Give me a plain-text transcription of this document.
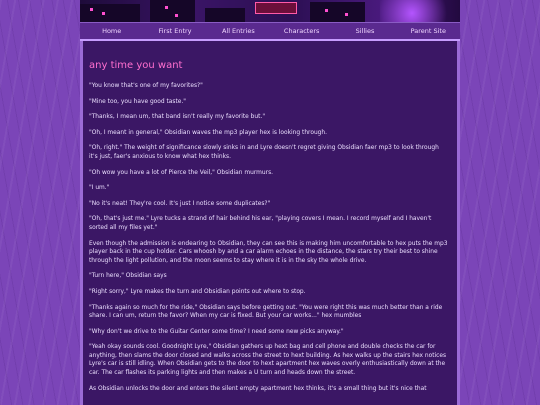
Home	First Entry	All Entries	Characters	Sillies	Parent Site
any time you want

"You know that's one of my favorites?"

"Mine too, you have good taste."

"Thanks, I mean um, that band isn't really my favorite but."

"Oh, I meant in general," Obsidian waves the mp3 player hex is looking through.

"Oh, right." The weight of significance slowly sinks in and Lyre doesn't regret giving Obsidian faer mp3 to look through it's just, faer's anxious to know what hex thinks.

"Oh wow you have a lot of Pierce the Veil," Obsidian murmurs.

"I um."

"No it's neat! They're cool. It's just I notice some duplicates?"

"Oh, that's just me." Lyre tucks a strand of hair behind his ear, "playing covers I mean. I record myself and I haven't sorted all my files yet."

Even though the admission is endearing to Obsidian, they can see this is making him uncomfortable to hex puts the mp3 player back in the cup holder. Cars whoosh by and a car alarm echoes in the distance, the stars try their best to shine through the light pollution, and the moon seems to stay where it is in the sky the whole drive.

"Turn here," Obsidian says

"Right sorry," Lyre makes the turn and Obsidian points out where to stop.

"Thanks again so much for the ride," Obsidian says before getting out. "You were right this was much better than a ride share. I can um, return the favor? When my car is fixed. But your car works..." hex mumbles

"Why don't we drive to the Guitar Center some time? I need some new picks anyway."

"Yeah okay sounds cool. Goodnight Lyre," Obsidian gathers up hext bag and cell phone and double checks the car for anything, then slams the door closed and walks across the street to hext building. As hex walks up the stairs hex notices Lyre's car is still idling. When Obsidian gets to the door to hext apartment hex waves overly enthusiastically down at the car. The car flashes its parking lights and then makes a U turn and heads down the street.

As Obsidian unlocks the door and enters the silent empty apartment hex thinks, it's a small thing but it's nice that
